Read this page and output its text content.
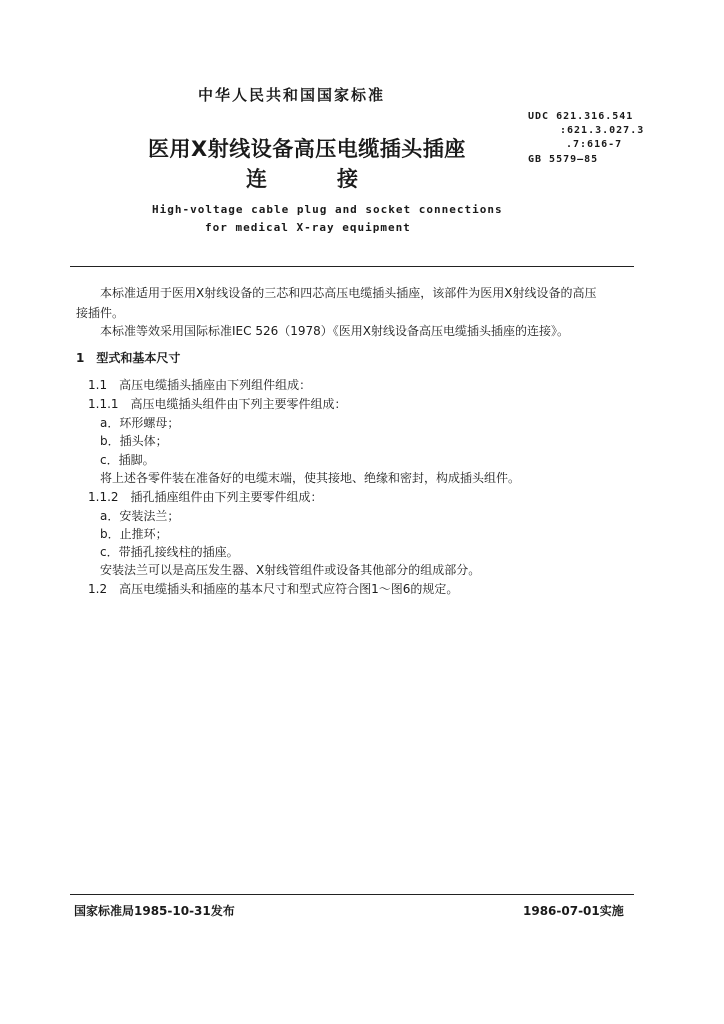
中华人民共和国国家标准
UDC 621.316.541
:621.3.027.3
.7:616-7
GB 5579—85
医用X射线设备高压电缆插头插座
连	接
High-voltage cable plug and socket connections
for medical X-ray equipment
本标准适用于医用X射线设备的三芯和四芯高压电缆插头插座，该部件为医用X射线设备的高压
接插件。
本标准等效采用国际标准IEC 526（1978）《医用X射线设备高压电缆插头插座的连接》。
1　型式和基本尺寸
1.1　高压电缆插头插座由下列组件组成：
1.1.1　高压电缆插头组件由下列主要零件组成：
a．环形螺母；
b．插头体；
c．插脚。
将上述各零件装在准备好的电缆末端，使其接地、绝缘和密封，构成插头组件。
1.1.2　插孔插座组件由下列主要零件组成：
a．安装法兰；
b．止推环；
c．带插孔接线柱的插座。
安装法兰可以是高压发生器、X射线管组件或设备其他部分的组成部分。
1.2　高压电缆插头和插座的基本尺寸和型式应符合图1～图6的规定。
国家标准局1985-10-31发布	1986-07-01实施
